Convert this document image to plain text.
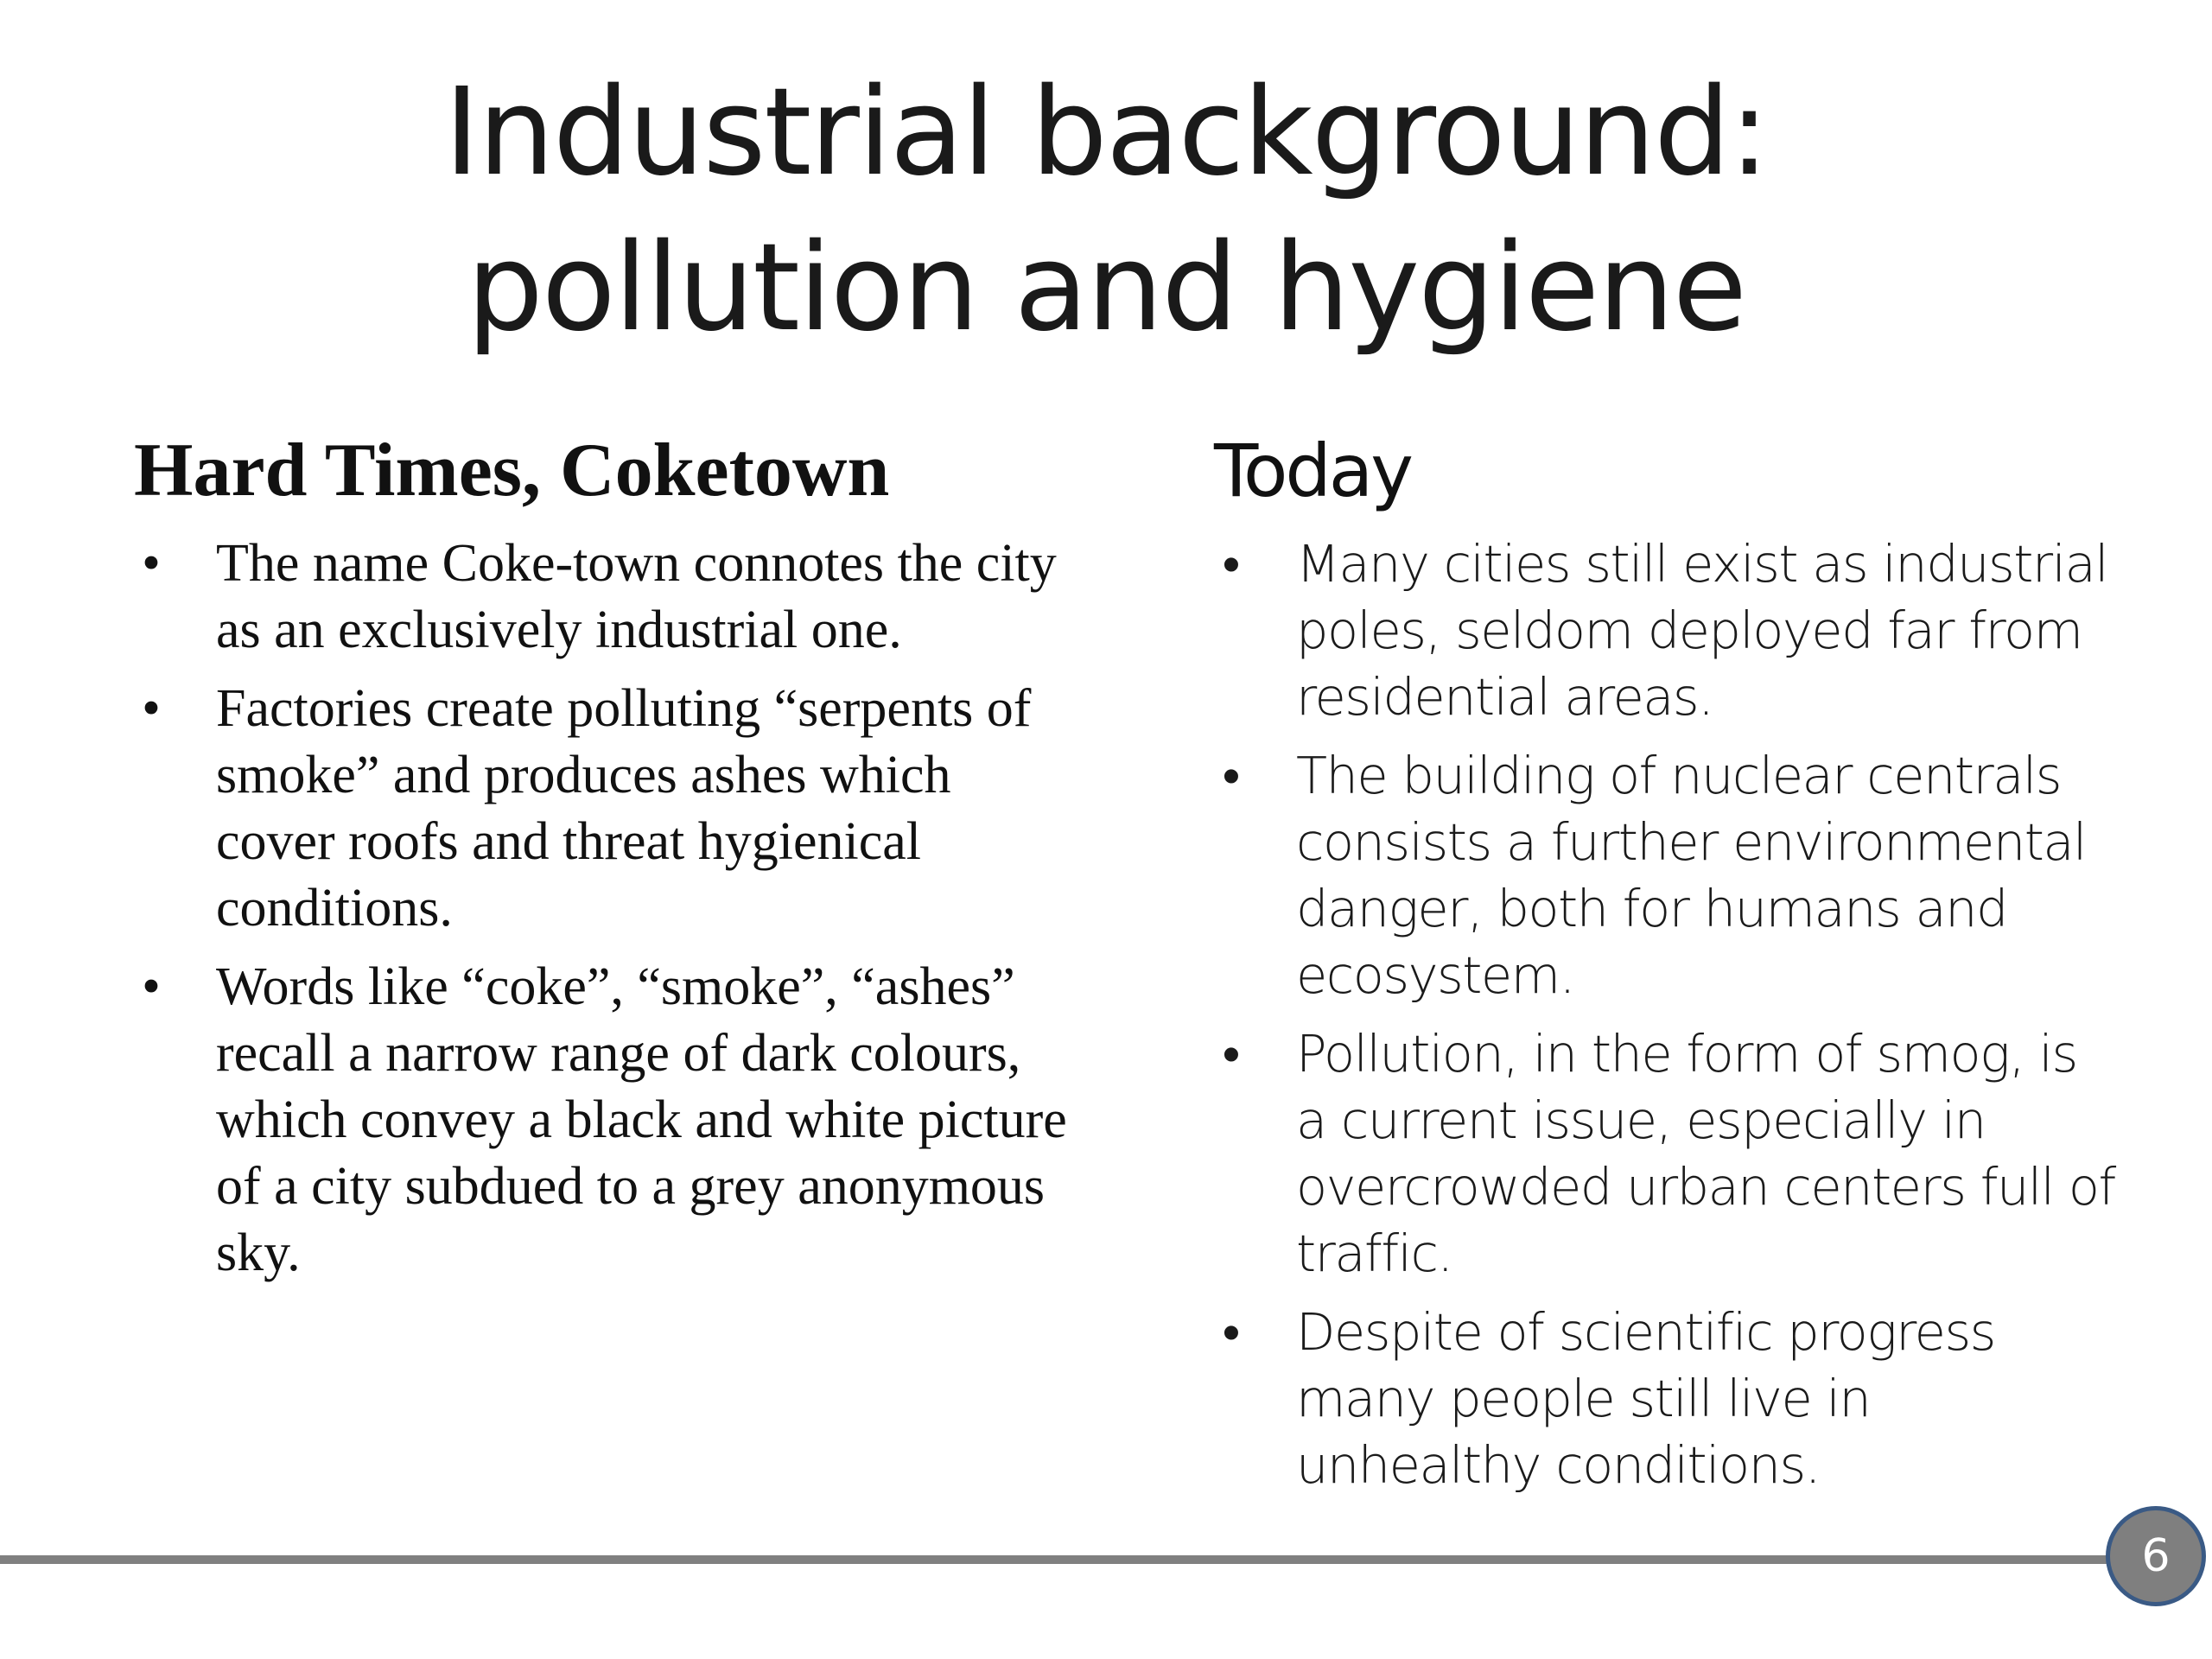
Industrial background:
pollution and hygiene
Hard Times, Coketown
• The name Coke-town connotes the city as an exclusively industrial one.
• Factories create polluting “serpents of smoke” and produces ashes which cover roofs and threat hygienical conditions.
• Words like “coke”, “smoke”, “ashes” recall a narrow range of dark colours, which convey a black and white picture of a city subdued to a grey anonymous sky.
Today
• Many cities still exist as industrial poles, seldom deployed far from residential areas.
• The building of nuclear centrals consists a further environmental danger, both for humans and ecosystem.
• Pollution, in the form of smog, is a current issue, especially in overcrowded urban centers full of traffic.
• Despite of scientific progress many people still live in unhealthy conditions.
6
